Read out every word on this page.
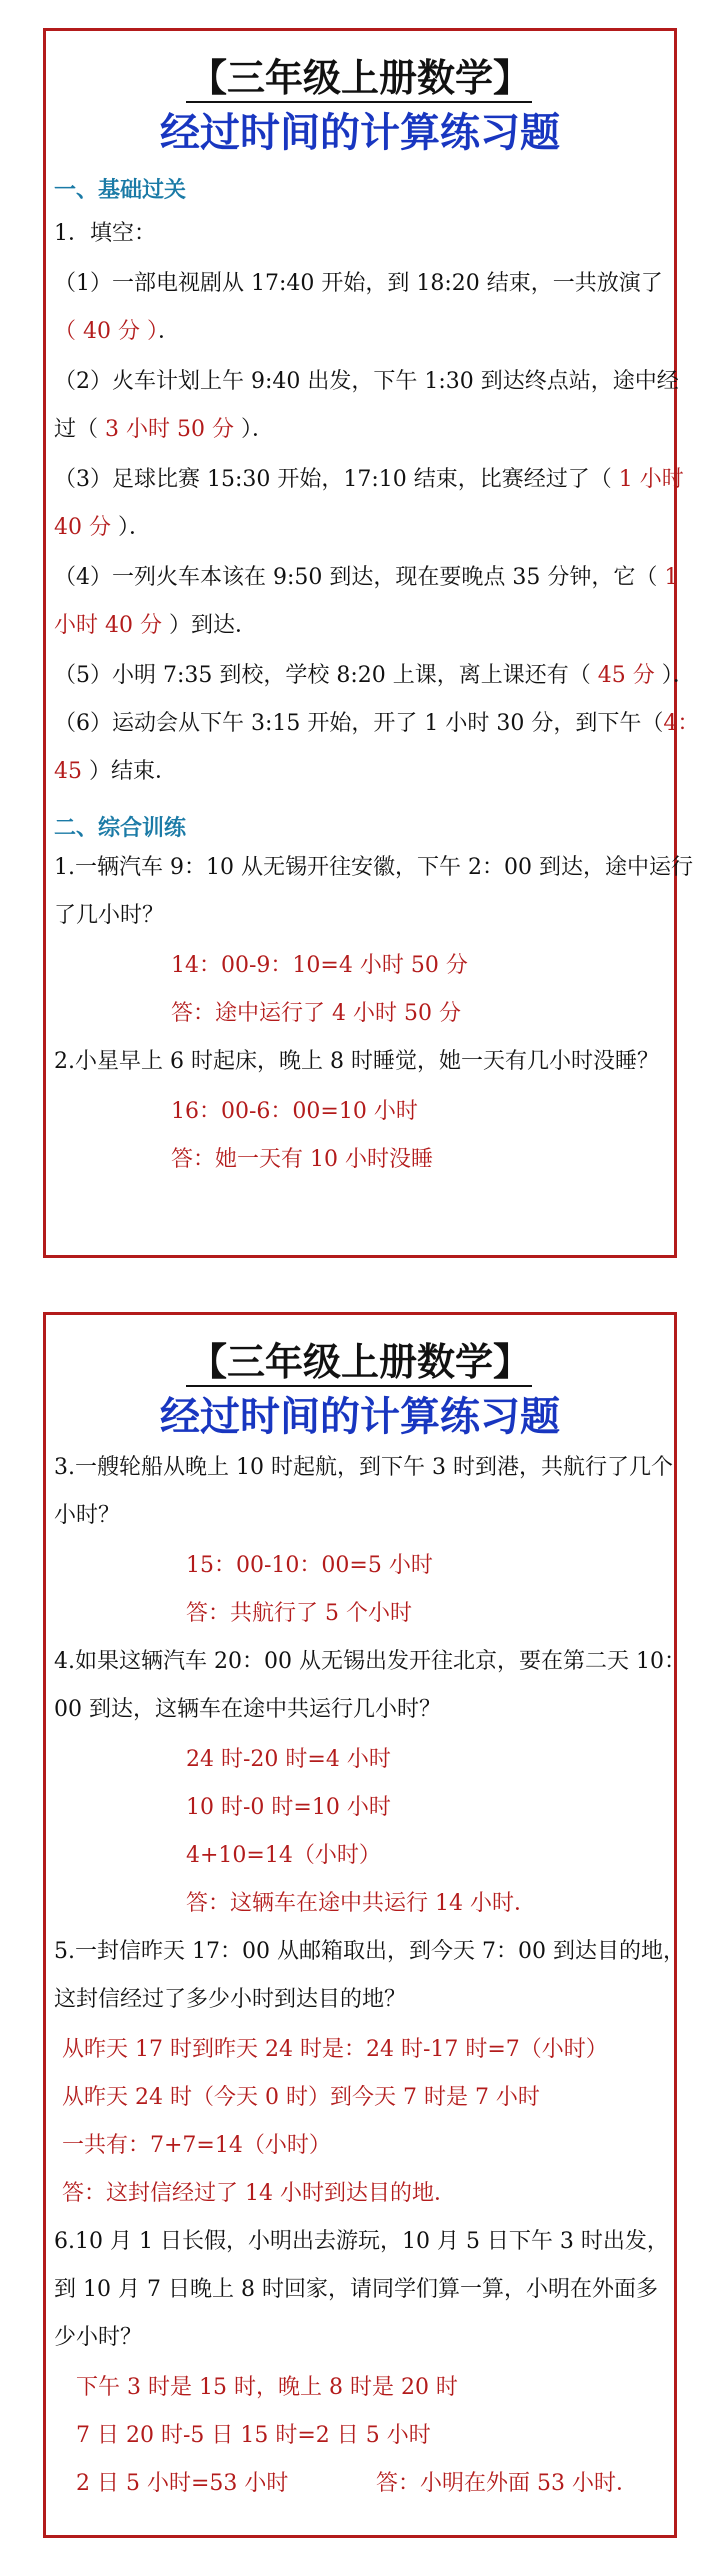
【三年级上册数学】
经过时间的计算练习题
一、基础过关
1．填空：
（1）一部电视剧从 17:40 开始，到 18:20 结束，一共放演了
（ 40 分 ）．
（2）火车计划上午 9:40 出发，下午 1:30 到达终点站，途中经
过（ 3 小时 50 分 ）．
（3）足球比赛 15:30 开始，17:10 结束，比赛经过了（ 1 小时
40 分 ）．
（4）一列火车本该在 9:50 到达，现在要晚点 35 分钟，它（ 1
小时 40 分 ）到达．
（5）小明 7:35 到校，学校 8:20 上课，离上课还有（ 45 分 ）．
（6）运动会从下午 3:15 开始，开了 1 小时 30 分，到下午（4：
45 ）结束．
二、综合训练
1.一辆汽车 9：10 从无锡开往安徽，下午 2：00 到达，途中运行
了几小时？
14：00-9：10=4 小时 50 分
答：途中运行了 4 小时 50 分
2.小星早上 6 时起床，晚上 8 时睡觉，她一天有几小时没睡？
16：00-6：00=10 小时
答：她一天有 10 小时没睡
【三年级上册数学】
经过时间的计算练习题
3.一艘轮船从晚上 10 时起航，到下午 3 时到港，共航行了几个
小时？
15：00-10：00=5 小时
答：共航行了 5 个小时
4.如果这辆汽车 20：00 从无锡出发开往北京，要在第二天 10：
00 到达，这辆车在途中共运行几小时？
24 时-20 时=4 小时
10 时-0 时=10 小时
4+10=14（小时）
答：这辆车在途中共运行 14 小时．
5.一封信昨天 17：00 从邮箱取出，到今天 7：00 到达目的地，
这封信经过了多少小时到达目的地？
从昨天 17 时到昨天 24 时是：24 时-17 时=7（小时）
从昨天 24 时（今天 0 时）到今天 7 时是 7 小时
一共有：7+7=14（小时）
答：这封信经过了 14 小时到达目的地．
6.10 月 1 日长假，小明出去游玩，10 月 5 日下午 3 时出发，
到 10 月 7 日晚上 8 时回家，请同学们算一算，小明在外面多
少小时？
下午 3 时是 15 时，晚上 8 时是 20 时
7 日 20 时-5 日 15 时=2 日 5 小时
2 日 5 小时=53 小时	答：小明在外面 53 小时．
